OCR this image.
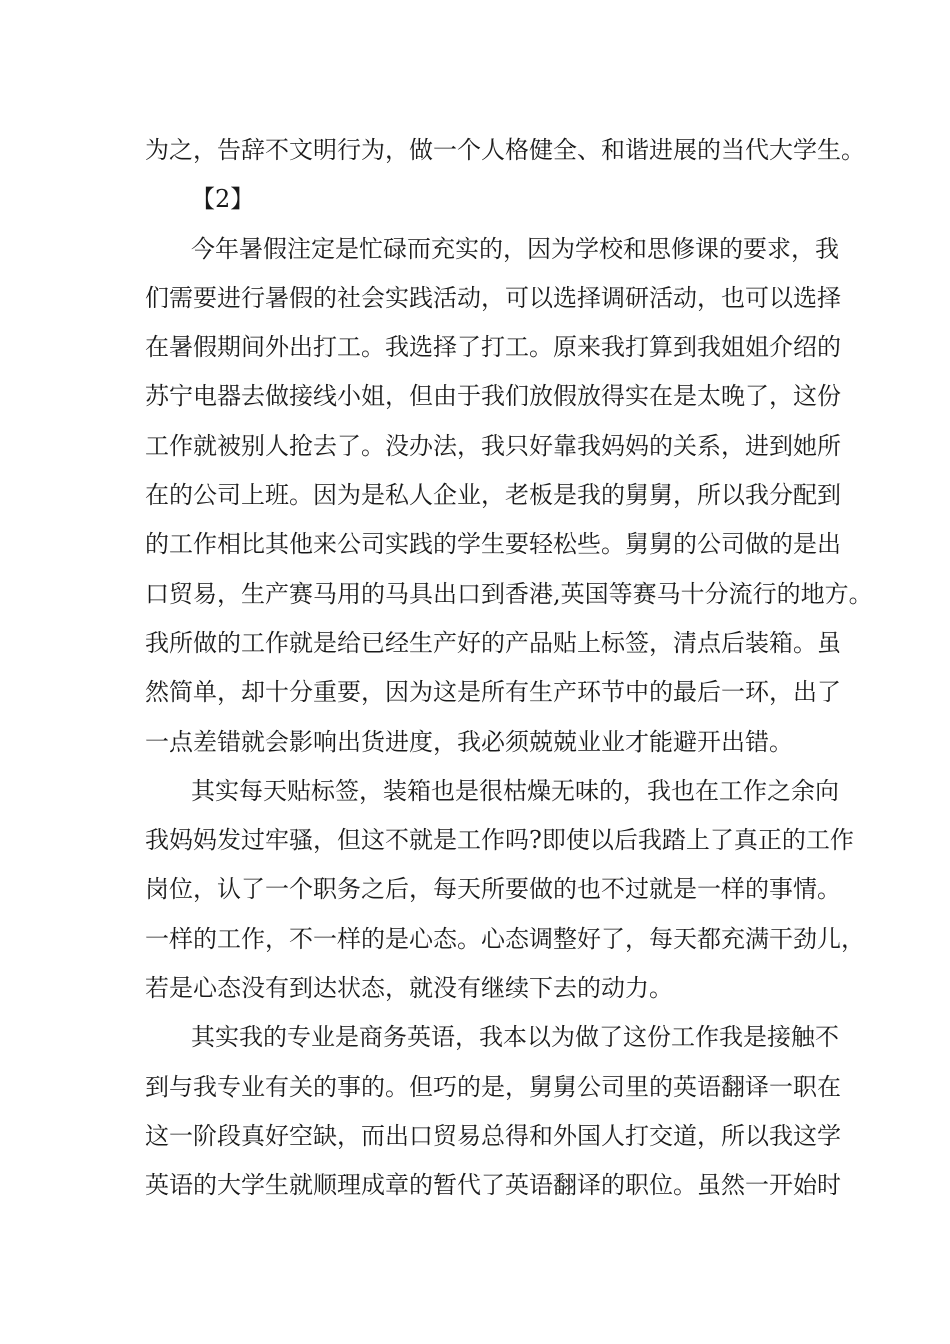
为之，告辞不文明行为，做一个人格健全、和谐进展的当代大学生。
【2】
今年暑假注定是忙碌而充实的，因为学校和思修课的要求，我
们需要进行暑假的社会实践活动，可以选择调研活动，也可以选择
在暑假期间外出打工。我选择了打工。原来我打算到我姐姐介绍的
苏宁电器去做接线小姐，但由于我们放假放得实在是太晚了，这份
工作就被别人抢去了。没办法，我只好靠我妈妈的关系，进到她所
在的公司上班。因为是私人企业，老板是我的舅舅，所以我分配到
的工作相比其他来公司实践的学生要轻松些。舅舅的公司做的是出
口贸易，生产赛马用的马具出口到香港,英国等赛马十分流行的地方。
我所做的工作就是给已经生产好的产品贴上标签，清点后装箱。虽
然简单，却十分重要，因为这是所有生产环节中的最后一环，出了
一点差错就会影响出货进度，我必须兢兢业业才能避开出错。
其实每天贴标签，装箱也是很枯燥无味的，我也在工作之余向
我妈妈发过牢骚，但这不就是工作吗?即使以后我踏上了真正的工作
岗位，认了一个职务之后，每天所要做的也不过就是一样的事情。
一样的工作，不一样的是心态。心态调整好了，每天都充满干劲儿，
若是心态没有到达状态，就没有继续下去的动力。
其实我的专业是商务英语，我本以为做了这份工作我是接触不
到与我专业有关的事的。但巧的是，舅舅公司里的英语翻译一职在
这一阶段真好空缺，而出口贸易总得和外国人打交道，所以我这学
英语的大学生就顺理成章的暂代了英语翻译的职位。虽然一开始时
